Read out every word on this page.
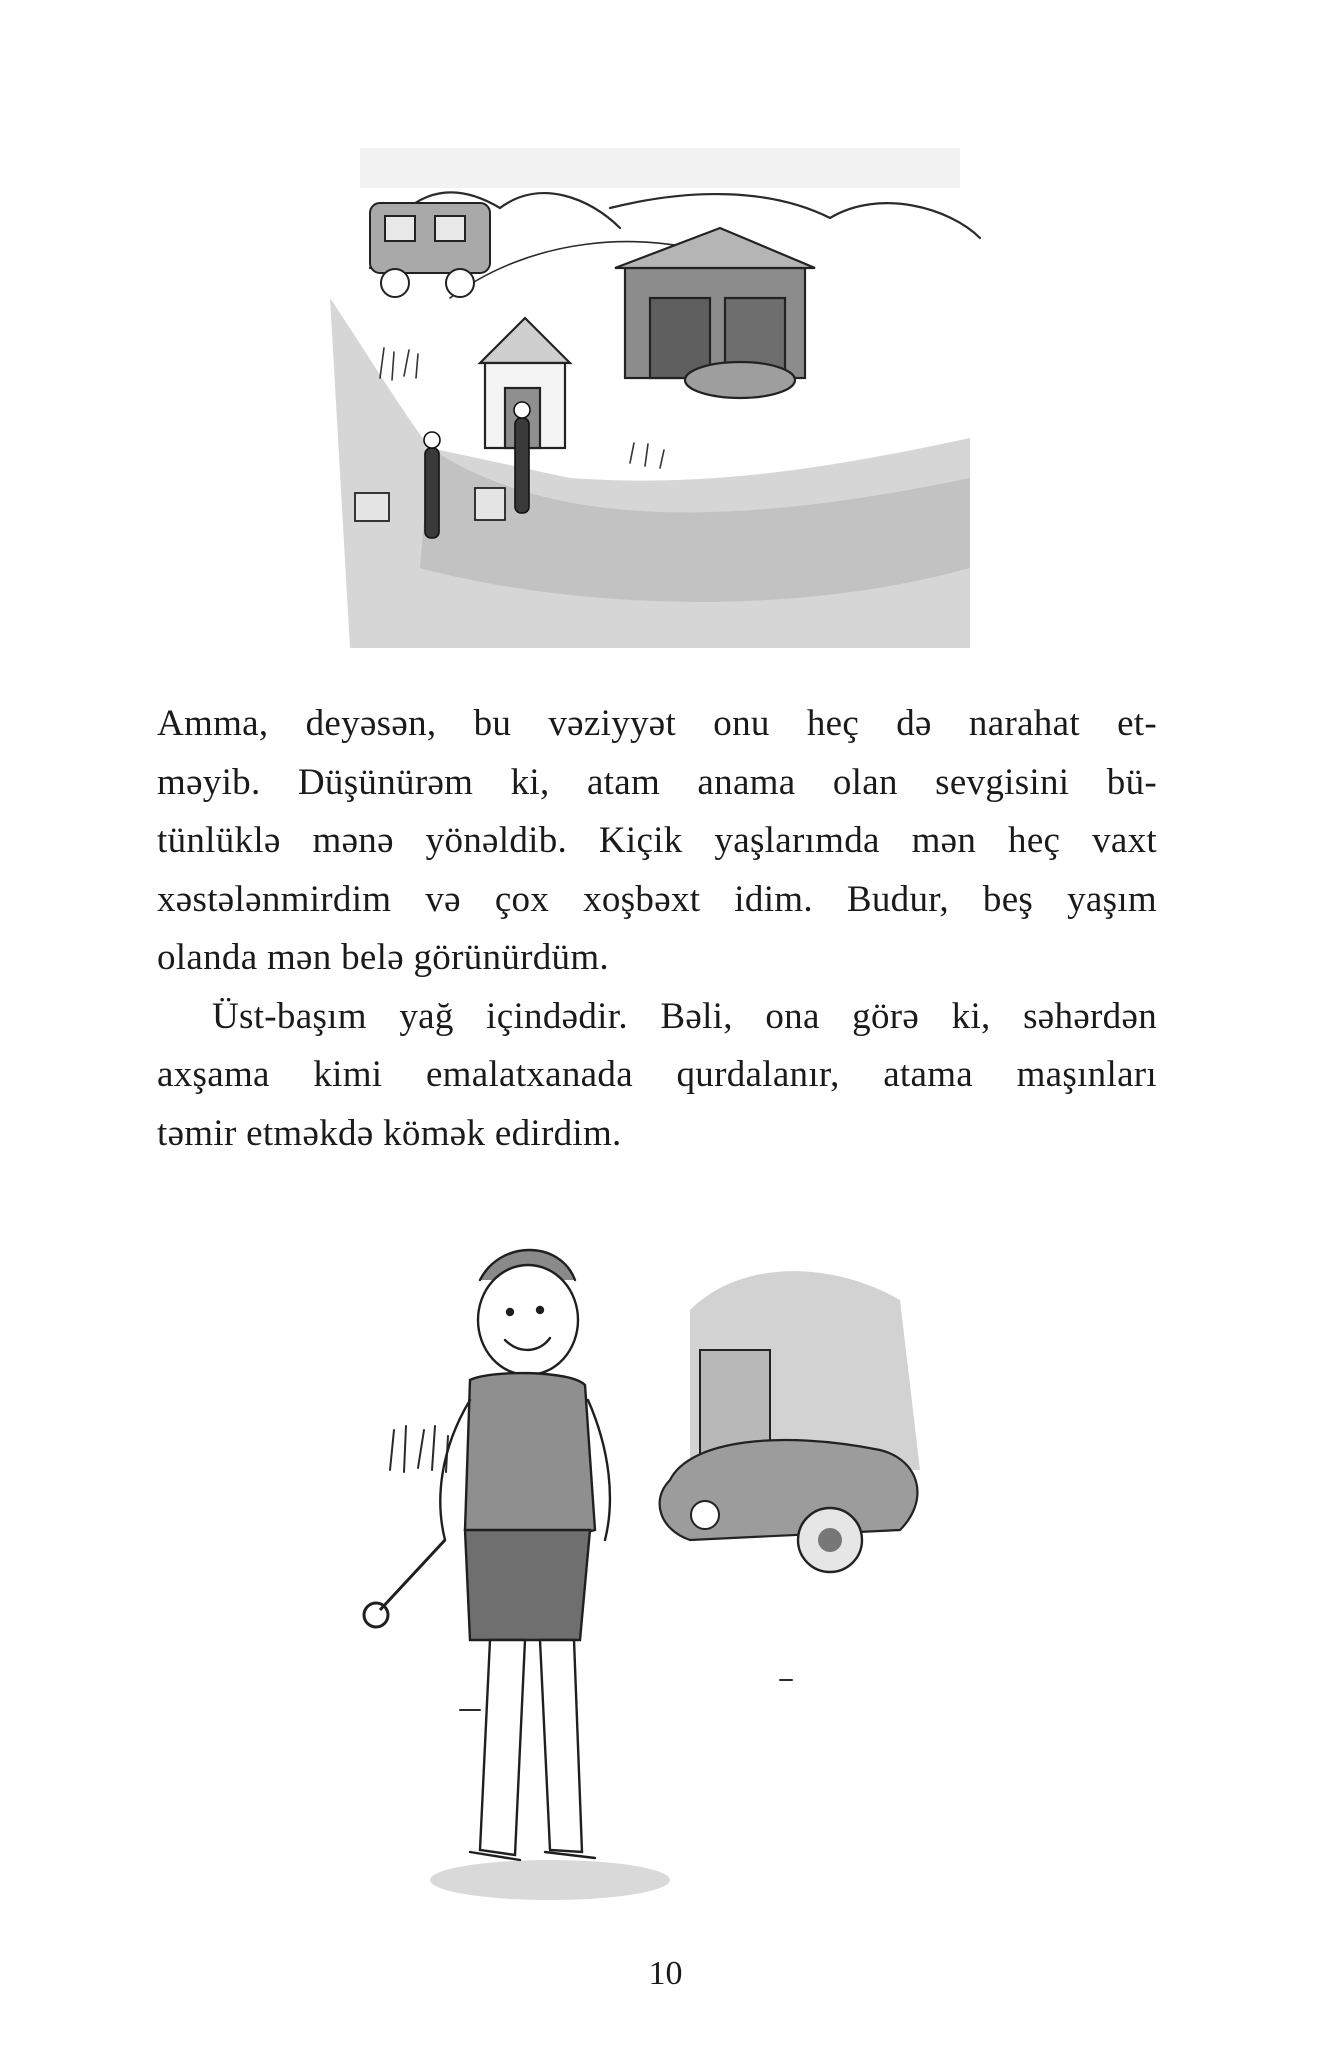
Amma, deyəsən, bu vəziyyət onu heç də narahat et-
məyib. Düşünürəm ki, atam anama olan sevgisini bü-
tünlüklə mənə yönəldib. Kiçik yaşlarımda mən heç vaxt
xəstələnmirdim və çox xoşbəxt idim. Budur, beş yaşım
olanda mən belə görünürdüm.
Üst-başım yağ içindədir. Bəli, ona görə ki, səhərdən
axşama kimi emalatxanada qurdalanır, atama maşınları
təmir etməkdə kömək edirdim.
10
